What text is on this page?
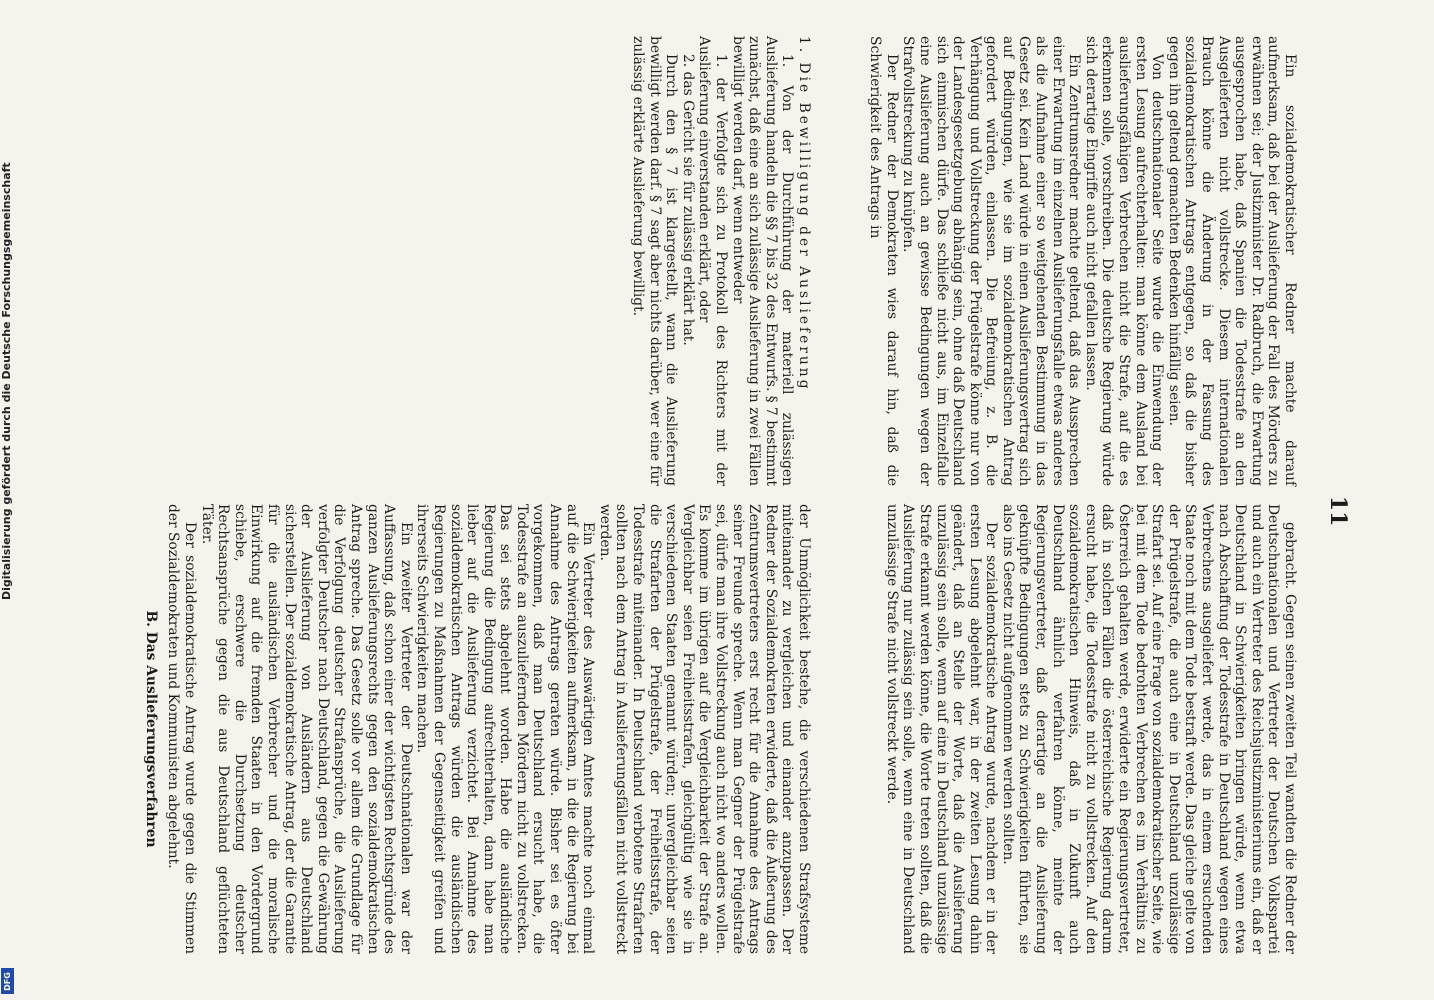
11

gebracht. Gegen seinen zweiten Teil wandten die Redner der Deutschnationalen und Vertreter der Deutschen Volkspartei und auch ein Vertreter des Reichsjustizministeriums ein, daß er Deutschland in Schwierigkeiten bringen würde, wenn etwa nach Abschaffung der Todesstrafe in Deutschland wegen eines Verbrechens ausgeliefert werde, das in einem ersuchenden Staate noch mit dem Tode bestraft werde. Das gleiche gelte von der Prügelstrafe, die auch eine in Deutschland unzulässige Strafart sei. Auf eine Frage von sozialdemokratischer Seite, wie bei mit dem Tode bedrohten Verbrechen es im Verhältnis zu Österreich gehalten werde, erwiderte ein Regierungsvertreter, daß in solchen Fällen die österreichische Regierung darum ersucht habe, die Todesstrafe nicht zu vollstrecken. Auf den sozialdemokratischen Hinweis, daß in Zukunft auch Deutschland ähnlich verfahren könne, meinte der Regierungsvertreter, daß derartige an die Auslieferung geknüpfte Bedingungen stets zu Schwierigkeiten führten, sie also ins Gesetz nicht aufgenommen werden sollten.

Der sozialdemokratische Antrag wurde, nachdem er in der ersten Lesung abgelehnt war, in der zweiten Lesung dahin geändert, daß an Stelle der Worte, daß die Auslieferung unzulässig sein solle, wenn auf eine in Deutschland unzulässige Strafe erkannt werden könne, die Worte treten sollten, daß die Auslieferung nur zulässig sein solle, wenn eine in Deutschland unzulässige Strafe nicht vollstreckt werde.

Ein sozialdemokratischer Redner machte darauf aufmerksam, daß bei der Auslieferung der Fall des Mörders zu erwähnen sei; der Justizminister Dr. Radbruch, die Erwartung ausgesprochen habe, daß Spanien die Todesstrafe an den Ausgelieferten nicht vollstrecke. Diesem internationalen Brauch könne die Änderung in der Fassung des sozialdemokratischen Antrags entgegen, so daß die bisher gegen ihn geltend gemachten Bedenken hinfällig seien.

Von deutschnationaler Seite wurde die Einwendung der ersten Lesung aufrechterhalten: man könne dem Ausland bei auslieferungsfähigen Verbrechen nicht die Strafe, auf die es erkennen solle, vorschreiben. Die deutsche Regierung würde sich derartige Eingriffe auch nicht gefallen lassen.

Ein Zentrumsredner machte geltend, daß das Aussprechen einer Erwartung im einzelnen Auslieferungsfalle etwas anderes als die Aufnahme einer so weitgehenden Bestimmung in das Gesetz sei. Kein Land würde in einen Auslieferungsvertrag sich auf Bedingungen, wie sie im sozialdemokratischen Antrag gefordert würden, einlassen. Die Befreiung, z. B. die Verhängung und Vollstreckung der Prügelstrafe könne nur von der Landesgesetzgebung abhängig sein, ohne daß Deutschland sich einmischen dürfe. Das schließe nicht aus, im Einzelfalle eine Auslieferung auch an gewisse Bedingungen wegen der Strafvollstreckung zu knüpfen.

Der Redner der Demokraten wies darauf hin, daß die Schwierigkeit des Antrags in

der Unmöglichkeit bestehe, die verschiedenen Strafsysteme miteinander zu vergleichen und einander anzupassen. Der Redner der Sozialdemokraten erwiderte, daß die Äußerung des Zentrumsvertreters erst recht für die Annahme des Antrags seiner Freunde spreche. Wenn man Gegner der Prügelstrafe sei, dürfe man ihre Vollstreckung auch nicht wo anders wollen. Es komme im übrigen auf die Vergleichbarkeit der Strafe an. Vergleichbar seien Freiheitsstrafen, gleichgültig wie sie in verschiedenen Staaten genannt würden; unvergleichbar seien die Strafarten der Prügelstrafe, der Freiheitsstrafe, der Todesstrafe miteinander. In Deutschland verbotene Strafarten sollten nach dem Antrag in Auslieferungsfällen nicht vollstreckt werden.

Ein Vertreter des Auswärtigen Amtes machte noch einmal auf die Schwierigkeiten aufmerksam, in die die Regierung bei Annahme des Antrags geraten würde. Bisher sei es öfter vorgekommen, daß man Deutschland ersucht habe, die Todesstrafe an auszuliefernden Mördern nicht zu vollstrecken. Das sei stets abgelehnt worden. Habe die ausländische Regierung die Bedingung aufrechterhalten, dann habe man lieber auf die Auslieferung verzichtet. Bei Annahme des sozialdemokratischen Antrags würden die ausländischen Regierungen zu Maßnahmen der Gegenseitigkeit greifen und ihrerseits Schwierigkeiten machen.

Ein zweiter Vertreter der Deutschnationalen war der Auffassung, daß schon einer der wichtigsten Rechtsgründe des ganzen Auslieferungsrechts gegen den sozialdemokratischen Antrag spreche. Das Gesetz solle vor allem die Grundlage für die Verfolgung deutscher Strafansprüche, die Auslieferung verfolgter Deutscher nach Deutschland, gegen die Gewährung der Auslieferung von Ausländern aus Deutschland sicherstellen. Der sozialdemokratische Antrag, der die Garantie für die ausländischen Verbrecher und die moralische Einwirkung auf die fremden Staaten in den Vordergrund schiebe, erschwere die Durchsetzung deutscher Rechtsansprüche gegen die aus Deutschland geflüchteten Täter.

Der sozialdemokratische Antrag wurde gegen die Stimmen der Sozialdemokraten und Kommunisten abgelehnt.

B. Das Auslieferungsverfahren

1. Die Bewilligung der Auslieferung

1. Von der Durchführung der materiell zulässigen Auslieferung handeln die §§ 7 bis 32 des Entwurfs. § 7 bestimmt zunächst, daß eine an sich zulässige Auslieferung in zwei Fällen bewilligt werden darf, wenn entweder

1. der Verfolgte sich zu Protokoll des Richters mit der Auslieferung einverstanden erklärt, oder

2. das Gericht sie für zulässig erklärt hat.

Durch den § 7 ist klargestellt, wann die Auslieferung bewilligt werden darf. § 7 sagt aber nichts darüber, wer eine für zulässig erklärte Auslieferung bewilligt.

Digitalisierung gefördert durch die Deutsche Forschungsgemeinschaft
DFG
